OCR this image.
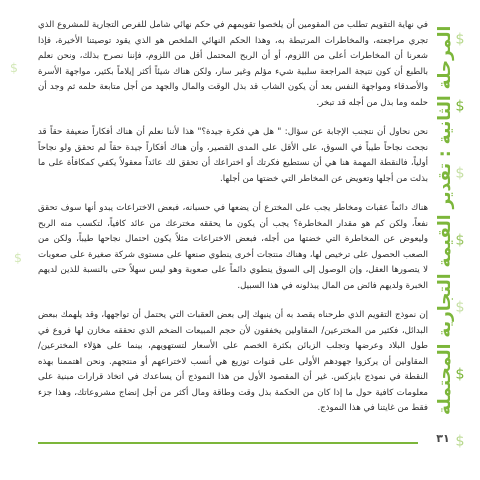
في نهاية التقويم تطلب من المقومين أن يلخصوا تقويمهم في حكم نهائي شامل للفرص التجارية للمشروع الذي تجري مراجعته، والمخاطرات المرتبطة به، وهذا الحكم النهائي الملخص هو الذي يقود توصيتنا الأخيرة، فإذا شعرنا أن المخاطرات أعلى من اللزوم، أو أن الربح المحتمل أقل من اللزوم، فإننا نصرح بذلك، ونحن نعلم بالطبع أن كون نتيجة المراجعة سلبية شيء مؤلم وغير سار، ولكن هناك شيئاً أكثر إيلاماً بكثير، مواجهة الأسرة والأصدقاء ومواجهة النفس بعد أن يكون الشاب قد بذل الوقت والمال والجهد من أجل متابعة حلمه ثم وجد أن حلمه وما بذل من أجله قد تبخر.

نحن نحاول أن نتجنب الإجابة عن سؤال: " هل هي فكرة جيدة؟" هذا لأننا نعلم أن هناك أفكاراً ضعيفة حقاً قد نجحت نجاحاً طيباً في السوق، على الأقل على المدى القصير، وأن هناك أفكاراً جيدة حقاً لم تحقق ولو نجاحاً أولياً، فالنقطة المهمة هنا هي أن نستطيع فكرتك أو اختراعك أن تحقق لك عائداً معقولاً يكفي كمكافأة على ما بذلت من أجلها وتعويض عن المخاطر التي خضتها من أجلها.

هناك دائماً عقبات ومخاطر يجب على المخترع أن يضعها في حسبانه، فبعض الاختراعات يبدو أنها سوف تحقق نفعاً، ولكن كم هو مقدار المخاطرة؟ يجب أن يكون ما يحققه مخترعك من عائد كافياً، لتكسب منه الربح وليعوض عن المخاطرة التي خضتها من أجله، فبعض الاختراعات مثلاً يكون احتمال نجاحها طيباً، ولكن من الصعب الحصول على ترخيص لها، وهناك منتجات أخرى ينطوي صنعها على مستوى شركة صغيرة على صعوبات لا يتصورها العقل، وإن الوصول إلى السوق ينطوي دائماً على صعوبة وهو ليس سهلاً حتى بالنسبة للذين لديهم الخبرة ولديهم فائض من المال يبذلونه في هذا السبيل.

إن نموذج التقويم الذي طرحناه يقصد به أن ينبهك إلى بعض العقبات التي يحتمل أن تواجهها، وقد يلهمك ببعض البدائل، فكثير من المخترعين/ المقاولين يخفقون لأن حجم المبيعات الضخم الذي تحققه مخازن لها فروع في طول البلاد وعرضها وتجلب الزبائن بكثرة الخصم على الأسعار لتستهويهم، بينما على هؤلاء المخترعين/ المقاولين أن يركزوا جهودهم الأولى على قنوات توزيع هي أنسب لاختراعهم أو منتجهم. ونحن اهتممنا بهذه النقطة في نموذج بايزكس. غير أن المقصود الأول من هذا النموذج أن يساعدك في اتخاذ قرارات مبنية على معلومات كافية حول ما إذا كان من الحكمة بذل وقت وطاقة ومال أكثر من أجل إنضاج مشروعاتك، وهذا جزء فقط من غايتنا في هذا النموذج. المرحلة الثانية : تقدير القيمة التجارية المحتملة $
$
$
$
$
$
$
$
$
٣١
